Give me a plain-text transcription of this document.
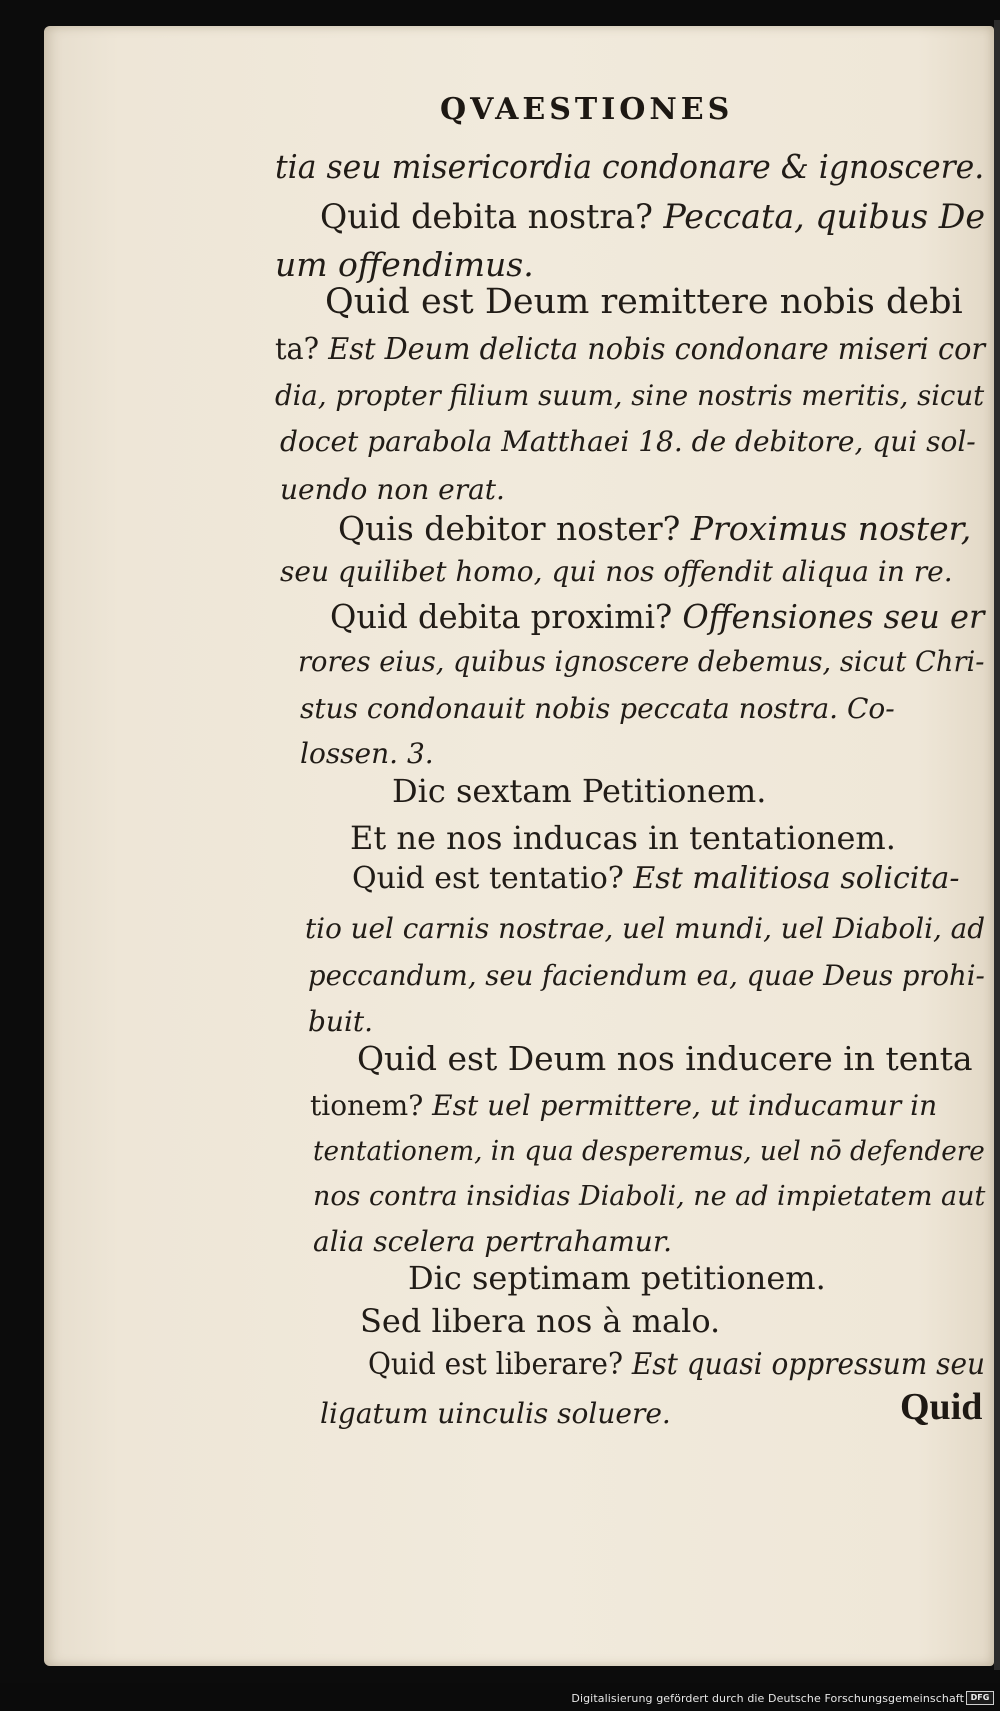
QVAESTIONES
tia seu misericordia condonare & ignoscere.
Quid debita nostra? Peccata, quibus De
um offendimus.
Quid est Deum remittere nobis debi
ta? Est Deum delicta nobis condonare miseri cor
dia, propter filium suum, sine nostris meritis, sicut
docet parabola Matthaei 18. de debitore, qui sol-
uendo non erat.
Quis debitor noster? Proximus noster,
seu quilibet homo, qui nos offendit aliqua in re.
Quid debita proximi? Offensiones seu er
rores eius, quibus ignoscere debemus, sicut Chri-
stus condonauit nobis peccata nostra. Co-
lossen. 3.
Dic sextam Petitionem.
Et ne nos inducas in tentationem.
Quid est tentatio? Est malitiosa solicita-
tio uel carnis nostrae, uel mundi, uel Diaboli, ad
peccandum, seu faciendum ea, quae Deus prohi-
buit.
Quid est Deum nos inducere in tenta
tionem? Est uel permittere, ut inducamur in
tentationem, in qua desperemus, uel nō defendere
nos contra insidias Diaboli, ne ad impietatem aut
alia scelera pertrahamur.
Dic septimam petitionem.
Sed libera nos à malo.
Quid est liberare? Est quasi oppressum seu
ligatum uinculis soluere.	Quid
Digitalisierung gefördert durch die Deutsche Forschungsgemeinschaft DFG
